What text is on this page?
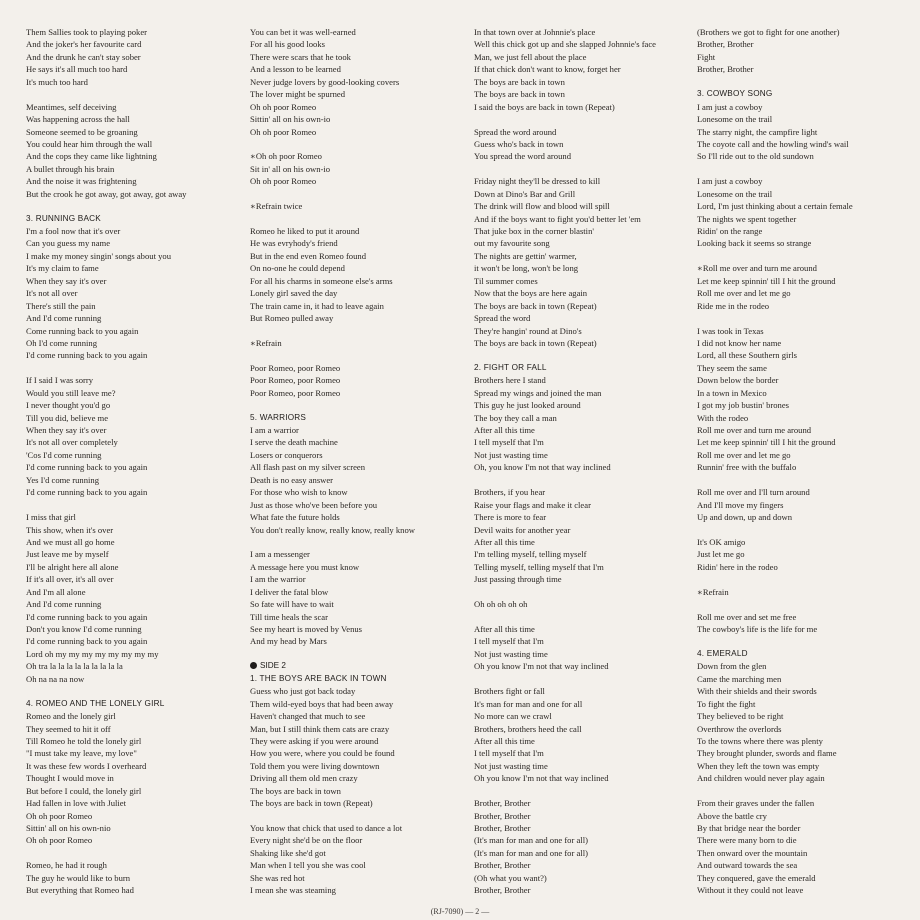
Them Sallies took to playing poker
And the joker's her favourite card
And the drunk he can't stay sober
He says it's all much too hard
It's much too hard
Meantimes, self deceiving
Was happening across the hall
Someone seemed to be groaning
You could hear him through the wall
And the cops they came like lightning
A bullet through his brain
And the noise it was frightening
But the crook he got away, got away, got away
3. RUNNING BACK
I'm a fool now that it's over
Can you guess my name
I make my money singin' songs about you
It's my claim to fame
When they say it's over
It's not all over
There's still the pain
And I'd come running
Come running back to you again
Oh I'd come running
I'd come running back to you again
If I said I was sorry
Would you still leave me?
I never thought you'd go
Till you did, believe me
When they say it's over
It's not all over completely
'Cos I'd come running
I'd come running back to you again
Yes I'd come running
I'd come running back to you again
I miss that girl
This show, when it's over
And we must all go home
Just leave me by myself
I'll be alright here all alone
If it's all over, it's all over
And I'm all alone
And I'd come running
I'd come running back to you again
Don't you know I'd come running
I'd come running back to you again
Lord oh my my my my my my my my
Oh tra la la la la la la la la la
Oh na na na now
4. ROMEO AND THE LONELY GIRL
Romeo and the lonely girl
They seemed to hit it off
Till Romeo he told the lonely girl
"I must take my leave, my love"
It was these few words I overheard
Thought I would move in
But before I could, the lonely girl
Had fallen in love with Juliet
Oh oh poor Romeo
Sittin' all on his own-nio
Oh oh poor Romeo
Romeo, he had it rough
The guy he would like to burn
But everything that Romeo had
You can bet it was well-earned
For all his good looks
There were scars that he took
And a lesson to be learned
Never judge lovers by good-looking covers
The lover might be spurned
Oh oh poor Romeo
Sittin' all on his own-io
Oh oh poor Romeo
∗Oh oh poor Romeo
Sit in' all on his own-io
Oh oh poor Romeo
∗Refrain twice
Romeo he liked to put it around
He was evryhody's friend
But in the end even Romeo found
On no-one he could depend
For all his charms in someone else's arms
Lonely girl saved the day
The train came in, it had to leave again
But Romeo pulled away
∗Refrain
Poor Romeo, poor Romeo
Poor Romeo, poor Romeo
Poor Romeo, poor Romeo
5. WARRIORS
I am a warrior
I serve the death machine
Losers or conquerors
All flash past on my silver screen
Death is no easy answer
For those who wish to know
Just as those who've been before you
What fate the future holds
You don't really know, really know, really know
I am a messenger
A message here you must know
I am the warrior
I deliver the fatal blow
So fate will have to wait
Till time heals the scar
See my heart is moved by Venus
And my head by Mars
SIDE 2
1. THE BOYS ARE BACK IN TOWN
Guess who just got back today
Them wild-eyed boys that had been away
Haven't changed that much to see
Man, but I still think them cats are crazy
They were asking if you were around
How you were, where you could be found
Told them you were living downtown
Driving all them old men crazy
The boys are back in town
The boys are back in town (Repeat)
You know that chick that used to dance a lot
Every night she'd be on the floor
Shaking like she'd got
Man when I tell you she was cool
She was red hot
I mean she was steaming
In that town over at Johnnie's place
Well this chick got up and she slapped Johnnie's face
Man, we just fell about the place
If that chick don't want to know, forget her
The boys are back in town
The boys are back in town
I said the boys are back in town (Repeat)
Spread the word around
Guess who's back in town
You spread the word around
Friday night they'll be dressed to kill
Down at Dino's Bar and Grill
The drink will flow and blood will spill
And if the boys want to fight you'd better let 'em
That juke box in the corner blastin'
out my favourite song
The nights are gettin' warmer,
it won't be long, won't be long
Til summer comes
Now that the boys are here again
The boys are back in town (Repeat)
Spread the word
They're hangin' round at Dino's
The boys are back in town (Repeat)
2. FIGHT OR FALL
Brothers here I stand
Spread my wings and joined the man
This guy he just looked around
The boy they call a man
After all this time
I tell myself that I'm
Not just wasting time
Oh, you know I'm not that way inclined
Brothers, if you hear
Raise your flags and make it clear
There is more to fear
Devil waits for another year
After all this time
I'm telling myself, telling myself
Telling myself, telling myself that I'm
Just passing through time
Oh oh oh oh oh
After all this time
I tell myself that I'm
Not just wasting time
Oh you know I'm not that way inclined
Brothers fight or fall
It's man for man and one for all
No more can we crawl
Brothers, brothers heed the call
After all this time
I tell myself that I'm
Not just wasting time
Oh you know I'm not that way inclined
Brother, Brother
Brother, Brother
Brother, Brother
(It's man for man and one for all)
(It's man for man and one for all)
Brother, Brother
(Oh what you want?)
Brother, Brother
(Brothers we got to fight for one another)
Brother, Brother
Fight
Brother, Brother
3. COWBOY SONG
I am just a cowboy
Lonesome on the trail
The starry night, the campfire light
The coyote call and the howling wind's wail
So I'll ride out to the old sundown
I am just a cowboy
Lonesome on the trail
Lord, I'm just thinking about a certain female
The nights we spent together
Ridin' on the range
Looking back it seems so strange
∗Roll me over and turn me around
Let me keep spinnin' till I hit the ground
Roll me over and let me go
Ride me in the rodeo
I was took in Texas
I did not know her name
Lord, all these Southern girls
They seem the same
Down below the border
In a town in Mexico
I got my job bustin' brones
With the rodeo
Roll me over and turn me around
Let me keep spinnin' till I hit the ground
Roll me over and let me go
Runnin' free with the buffalo
Roll me over and I'll turn around
And I'll move my fingers
Up and down, up and down
It's OK amigo
Just let me go
Ridin' here in the rodeo
∗Refrain
Roll me over and set me free
The cowboy's life is the life for me
4. EMERALD
Down from the glen
Came the marching men
With their shields and their swords
To fight the fight
They believed to be right
Overthrow the overlords
To the towns where there was plenty
They brought plunder, swords and flame
When they left the town was empty
And children would never play again
From their graves under the fallen
Above the battle cry
By that bridge near the border
There were many born to die
Then onward over the mountain
And outward towards the sea
They conquered, gave the emerald
Without it they could not leave
(RJ-7090) — 2 —
